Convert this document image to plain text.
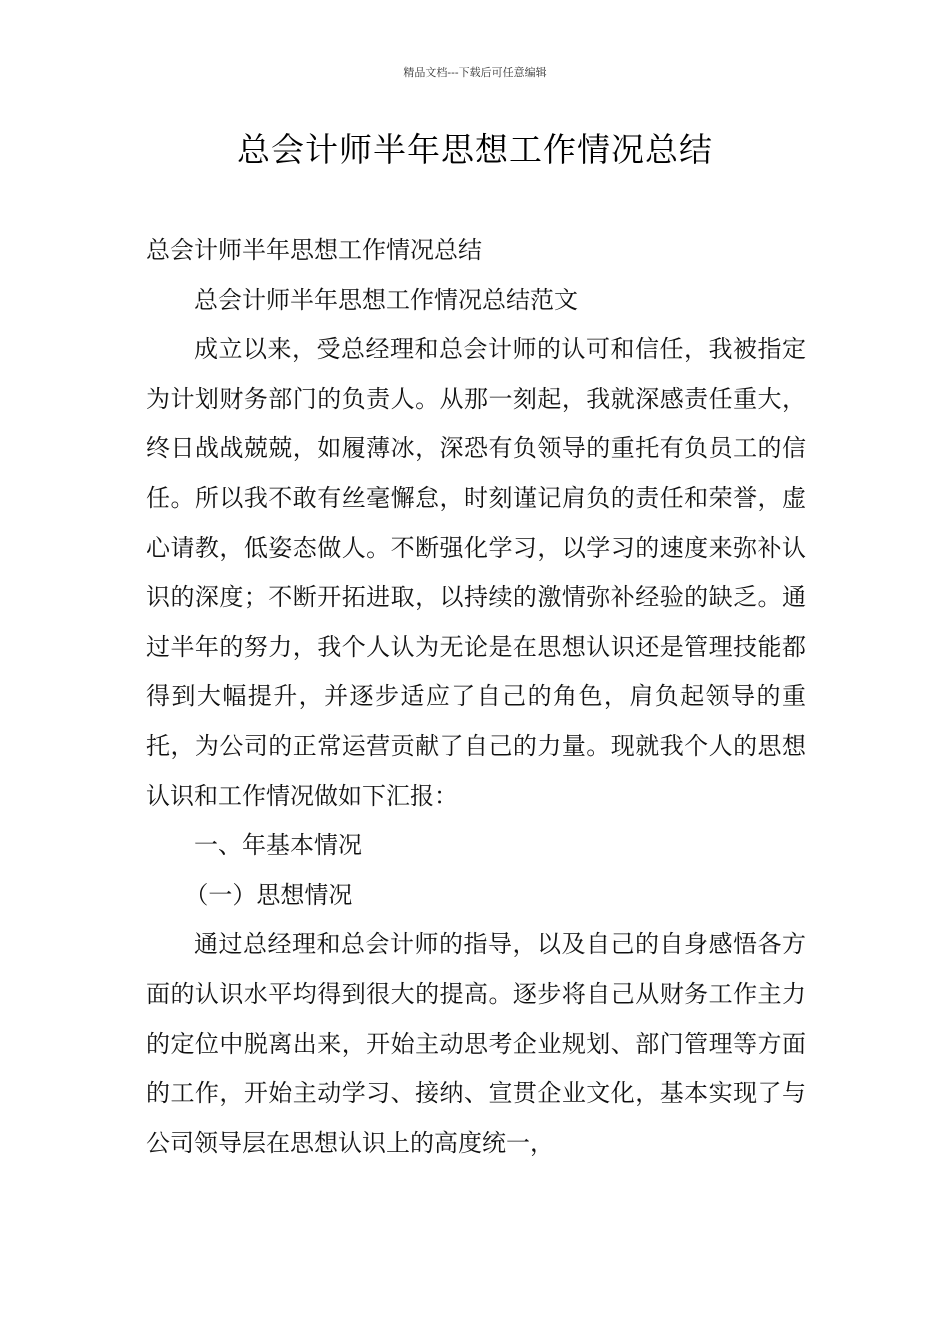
精品文档---下载后可任意编辑
总会计师半年思想工作情况总结

总会计师半年思想工作情况总结

总会计师半年思想工作情况总结范文

成立以来，受总经理和总会计师的认可和信任，我被指定为计划财务部门的负责人。从那一刻起，我就深感责任重大，终日战战兢兢，如履薄冰，深恐有负领导的重托有负员工的信任。所以我不敢有丝毫懈怠，时刻谨记肩负的责任和荣誉，虚心请教，低姿态做人。不断强化学习，以学习的速度来弥补认识的深度；不断开拓进取，以持续的激情弥补经验的缺乏。通过半年的努力，我个人认为无论是在思想认识还是管理技能都得到大幅提升，并逐步适应了自己的角色，肩负起领导的重托，为公司的正常运营贡献了自己的力量。现就我个人的思想认识和工作情况做如下汇报：

一、年基本情况

（一）思想情况

通过总经理和总会计师的指导，以及自己的自身感悟各方面的认识水平均得到很大的提高。逐步将自己从财务工作主力的定位中脱离出来，开始主动思考企业规划、部门管理等方面的工作，开始主动学习、接纳、宣贯企业文化，基本实现了与公司领导层在思想认识上的高度统一，
